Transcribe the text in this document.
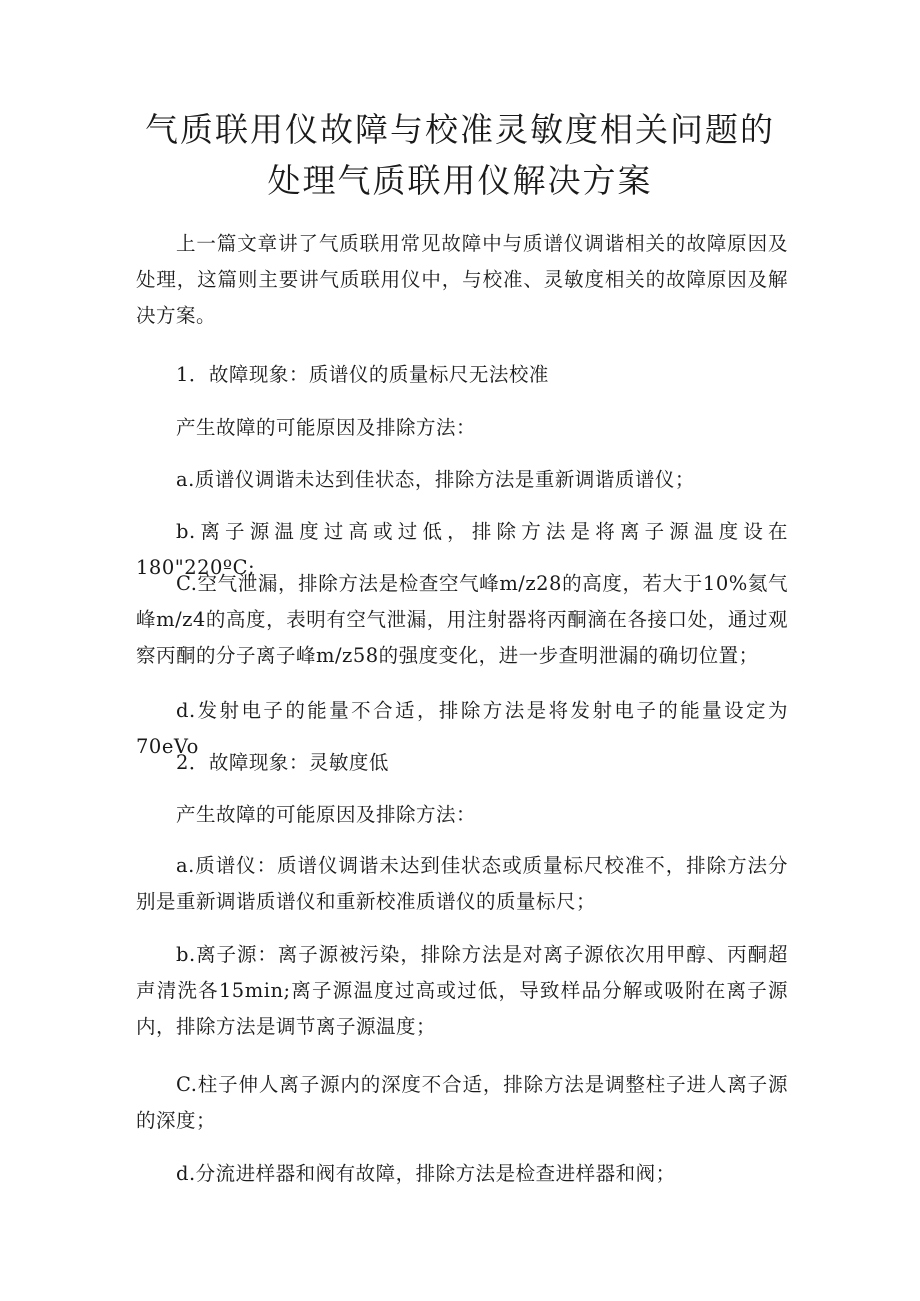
气质联用仪故障与校准灵敏度相关问题的处理气质联用仪解决方案

上一篇文章讲了气质联用常见故障中与质谱仪调谐相关的故障原因及处理，这篇则主要讲气质联用仪中，与校准、灵敏度相关的故障原因及解决方案。

1．故障现象：质谱仪的质量标尺无法校准

产生故障的可能原因及排除方法：

a.质谱仪调谐未达到佳状态，排除方法是重新调谐质谱仪；

b.离子源温度过高或过低，排除方法是将离子源温度设在180"220ºC;

C.空气泄漏，排除方法是检查空气峰m/z28的高度，若大于10%氦气峰m/z4的高度，表明有空气泄漏，用注射器将丙酮滴在各接口处，通过观察丙酮的分子离子峰m/z58的强度变化，进一步查明泄漏的确切位置；

d.发射电子的能量不合适，排除方法是将发射电子的能量设定为70eVo

2．故障现象：灵敏度低

产生故障的可能原因及排除方法：

a.质谱仪：质谱仪调谐未达到佳状态或质量标尺校准不，排除方法分别是重新调谐质谱仪和重新校准质谱仪的质量标尺；

b.离子源：离子源被污染，排除方法是对离子源依次用甲醇、丙酮超声清洗各15min;离子源温度过高或过低，导致样品分解或吸附在离子源内，排除方法是调节离子源温度；

C.柱子伸人离子源内的深度不合适，排除方法是调整柱子进人离子源的深度；

d.分流进样器和阀有故障，排除方法是检查进样器和阀；
